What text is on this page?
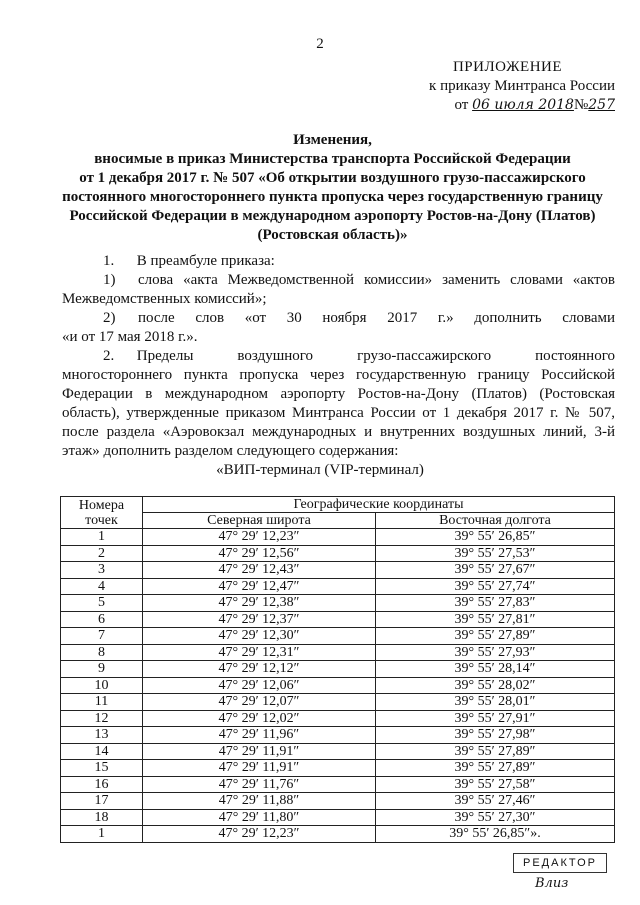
2
ПРИЛОЖЕНИЕ
к приказу Минтранса России
от 06 июля 2018№257
Изменения,
вносимые в приказ Министерства транспорта Российской Федерации
от 1 декабря 2017 г. № 507 «Об открытии воздушного грузо-пассажирского
постоянного многостороннего пункта пропуска через государственную границу
Российской Федерации в международном аэропорту Ростов-на-Дону (Платов)
(Ростовская область)»
1.  В преамбуле приказа:
1)  слова «акта Межведомственной комиссии» заменить словами «актов
Межведомственных комиссий»;
2)  после слов «от 30 ноября 2017 г.» дополнить словами
«и от 17 мая 2018 г.».
2.  Пределы воздушного грузо-пассажирского постоянного
многостороннего пункта пропуска через государственную границу Российской
Федерации в международном аэропорту Ростов-на-Дону (Платов) (Ростовская
область), утвержденные приказом Минтранса России от 1 декабря 2017 г. № 507,
после раздела «Аэровокзал международных и внутренних воздушных линий, 3-й
этаж» дополнить разделом следующего содержания:
«ВИП-терминал (VIP-терминал)
Номера
точек	Географические координаты	
	Северная широта	Восточная долгота
1	47° 29′ 12,23″	39° 55′ 26,85″
2	47° 29′ 12,56″	39° 55′ 27,53″
3	47° 29′ 12,43″	39° 55′ 27,67″
4	47° 29′ 12,47″	39° 55′ 27,74″
5	47° 29′ 12,38″	39° 55′ 27,83″
6	47° 29′ 12,37″	39° 55′ 27,81″
7	47° 29′ 12,30″	39° 55′ 27,89″
8	47° 29′ 12,31″	39° 55′ 27,93″
9	47° 29′ 12,12″	39° 55′ 28,14″
10	47° 29′ 12,06″	39° 55′ 28,02″
11	47° 29′ 12,07″	39° 55′ 28,01″
12	47° 29′ 12,02″	39° 55′ 27,91″
13	47° 29′ 11,96″	39° 55′ 27,98″
14	47° 29′ 11,91″	39° 55′ 27,89″
15	47° 29′ 11,91″	39° 55′ 27,89″
16	47° 29′ 11,76″	39° 55′ 27,58″
17	47° 29′ 11,88″	39° 55′ 27,46″
18	47° 29′ 11,80″	39° 55′ 27,30″
1	47° 29′ 12,23″	39° 55′ 26,85″».
РЕДАКТОР
Влиз
